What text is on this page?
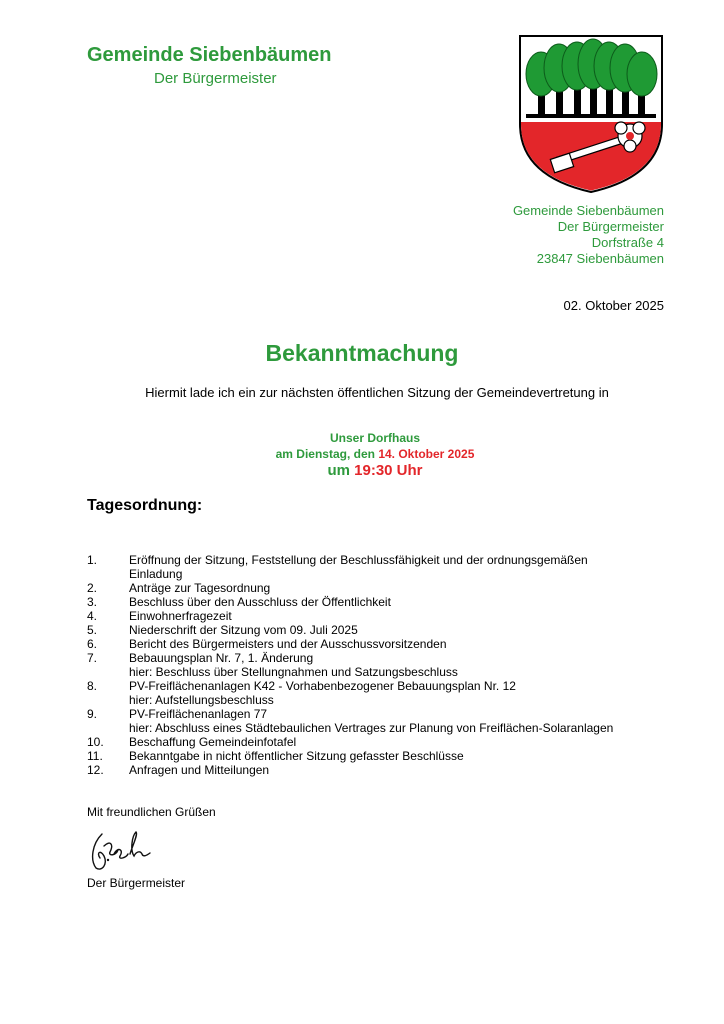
Gemeinde Siebenbäumen
Der Bürgermeister
Gemeinde Siebenbäumen
Der Bürgermeister
Dorfstraße 4
23847 Siebenbäumen
02. Oktober 2025
Bekanntmachung
Hiermit lade ich ein zur nächsten öffentlichen Sitzung der Gemeindevertretung in
Unser Dorfhaus
am Dienstag, den 14. Oktober 2025
um 19:30 Uhr
Tagesordnung:
1.	Eröffnung der Sitzung, Feststellung der Beschlussfähigkeit und der ordnungsgemäßen
Einladung
2.	Anträge zur Tagesordnung
3.	Beschluss über den Ausschluss der Öffentlichkeit
4.	Einwohnerfragezeit
5.	Niederschrift der Sitzung vom 09. Juli 2025
6.	Bericht des Bürgermeisters und der Ausschussvorsitzenden
7.	Bebauungsplan Nr. 7, 1. Änderung
hier: Beschluss über Stellungnahmen und Satzungsbeschluss
8.	PV-Freiflächenanlagen K42 - Vorhabenbezogener Bebauungsplan Nr. 12
hier: Aufstellungsbeschluss
9.	PV-Freiflächenanlagen 77
hier: Abschluss eines Städtebaulichen Vertrages zur Planung von Freiflächen-Solaranlagen
10.	Beschaffung Gemeindeinfotafel
11.	Bekanntgabe in nicht öffentlicher Sitzung gefasster Beschlüsse
12.	Anfragen und Mitteilungen
Mit freundlichen Grüßen
Der Bürgermeister
